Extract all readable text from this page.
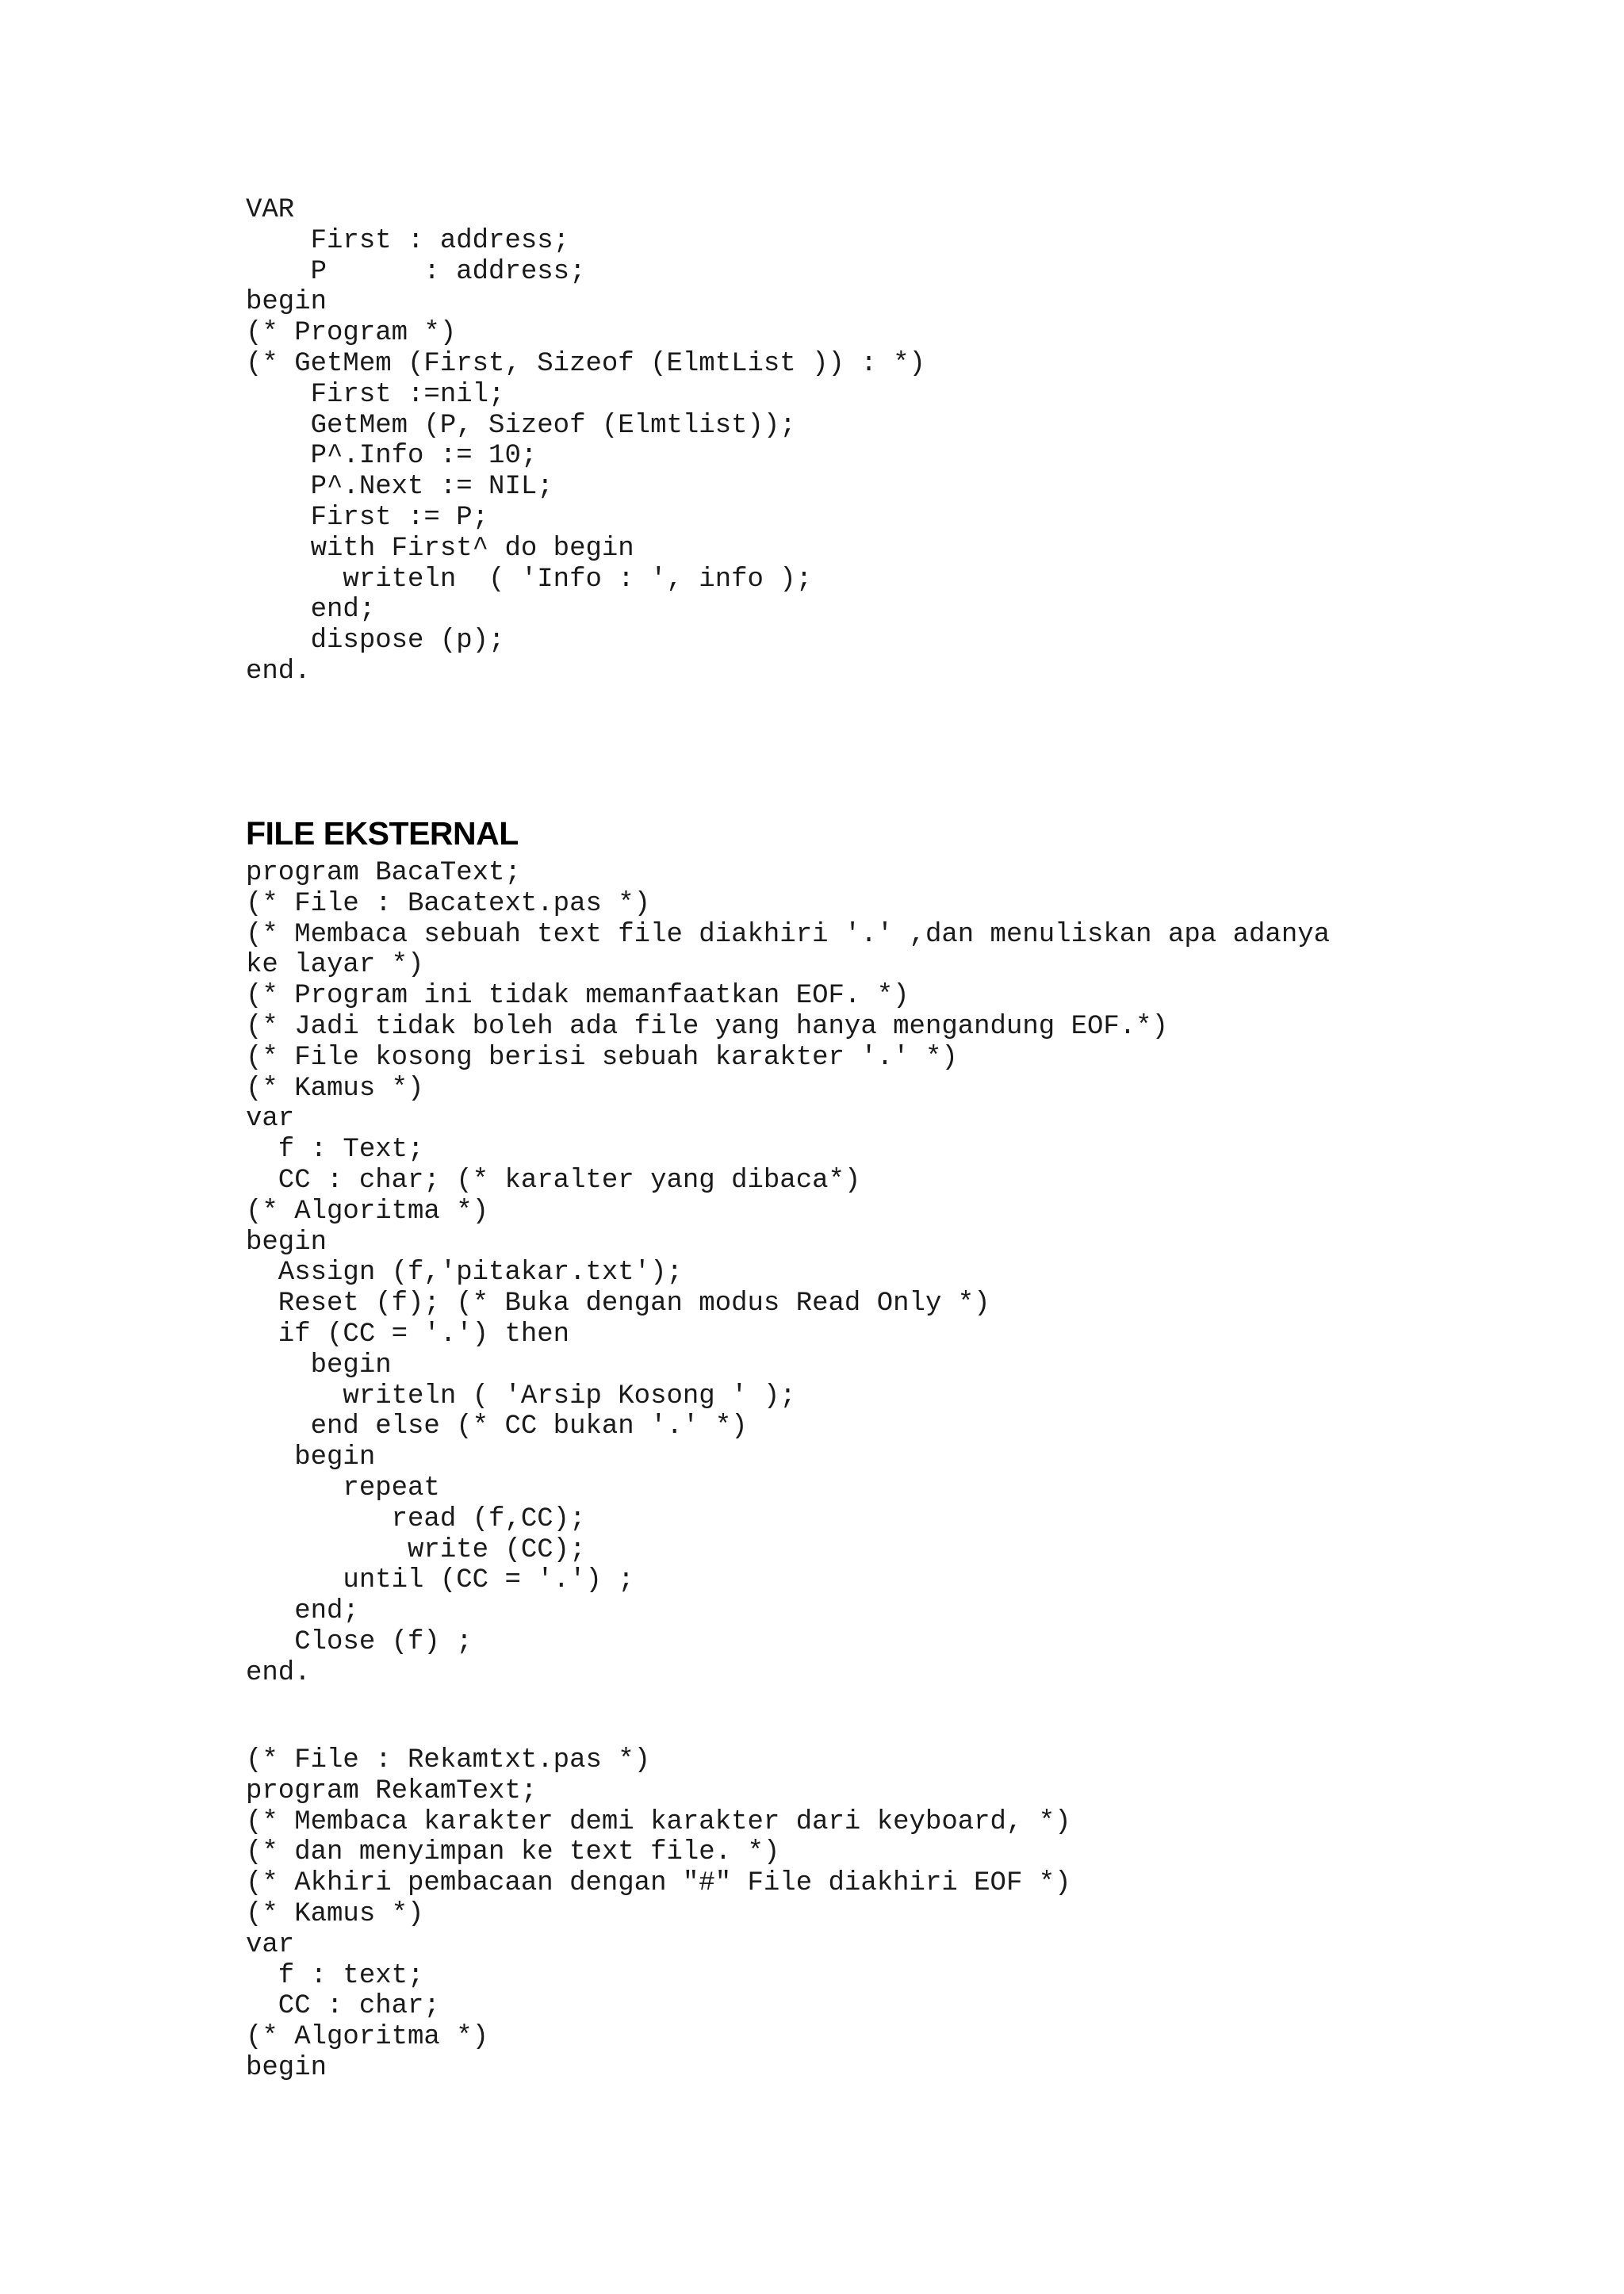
VAR
First : address;
P      : address;
begin
(* Program *)
(* GetMem (First, Sizeof (ElmtList )) : *)
First :=nil;
GetMem (P, Sizeof (Elmtlist));
P^.Info := 10;
P^.Next := NIL;
First := P;
with First^ do begin
writeln  ( 'Info : ', info );
end;
dispose (p);
end.
FILE EKSTERNAL
program BacaText;
(* File : Bacatext.pas *)
(* Membaca sebuah text file diakhiri '.' ,dan menuliskan apa adanya
ke layar *)
(* Program ini tidak memanfaatkan EOF. *)
(* Jadi tidak boleh ada file yang hanya mengandung EOF.*)
(* File kosong berisi sebuah karakter '.' *)
(* Kamus *)
var
f : Text;
CC : char; (* karalter yang dibaca*)
(* Algoritma *)
begin
Assign (f,'pitakar.txt');
Reset (f); (* Buka dengan modus Read Only *)
if (CC = '.') then
begin
writeln ( 'Arsip Kosong ' );
end else (* CC bukan '.' *)
begin
repeat
read (f,CC);
write (CC);
until (CC = '.') ;
end;
Close (f) ;
end.
(* File : Rekamtxt.pas *)
program RekamText;
(* Membaca karakter demi karakter dari keyboard, *)
(* dan menyimpan ke text file. *)
(* Akhiri pembacaan dengan "#" File diakhiri EOF *)
(* Kamus *)
var
f : text;
CC : char;
(* Algoritma *)
begin
